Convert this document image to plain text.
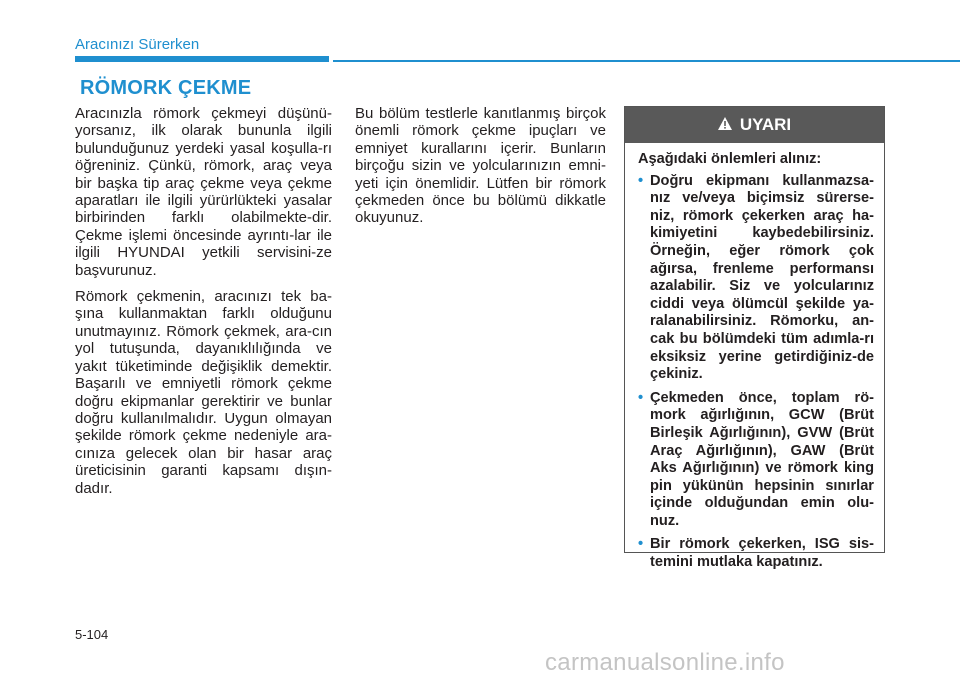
Aracınızı Sürerken
RÖMORK ÇEKME

Aracınızla römork çekmeyi düşünü-yorsanız, ilk olarak bununla ilgili bulunduğunuz yerdeki yasal koşulla-rı öğreniniz. Çünkü, römork, araç veya bir başka tip araç çekme veya çekme aparatları ile ilgili yürürlükteki yasalar birbirinden farklı olabilmekte-dir. Çekme işlemi öncesinde ayrıntı-lar ile ilgili HYUNDAI yetkili servisini-ze başvurunuz.

Römork çekmenin, aracınızı tek ba-şına kullanmaktan farklı olduğunu unutmayınız. Römork çekmek, ara-cın yol tutuşunda, dayanıklılığında ve yakıt tüketiminde değişiklik demektir. Başarılı ve emniyetli römork çekme doğru ekipmanlar gerektirir ve bunlar doğru kullanılmalıdır. Uygun olmayan şekilde römork çekme nedeniyle ara-cınıza gelecek olan bir hasar araç üreticisinin garanti kapsamı dışın-dadır.

Bu bölüm testlerle kanıtlanmış birçok önemli römork çekme ipuçları ve emniyet kurallarını içerir. Bunların birçoğu sizin ve yolcularınızın emni-yeti için önemlidir. Lütfen bir römork çekmeden önce bu bölümü dikkatle okuyunuz.

UYARI

Aşağıdaki önlemleri alınız:

• Doğru ekipmanı kullanmazsa-nız ve/veya biçimsiz sürerse-niz, römork çekerken araç ha-kimiyetini kaybedebilirsiniz. Örneğin, eğer römork çok ağırsa, frenleme performansı azalabilir. Siz ve yolcularınız ciddi veya ölümcül şekilde ya-ralanabilirsiniz. Römorku, an-cak bu bölümdeki tüm adımla-rı eksiksiz yerine getirdiğiniz-de çekiniz.
• Çekmeden önce, toplam rö-mork ağırlığının, GCW (Brüt Birleşik Ağırlığının), GVW (Brüt Araç Ağırlığının), GAW (Brüt Aks Ağırlığının) ve römork king pin yükünün hepsinin sınırlar içinde olduğundan emin olu-nuz.
• Bir römork çekerken, ISG sis-temini mutlaka kapatınız.
5-104
carmanualsonline.info
